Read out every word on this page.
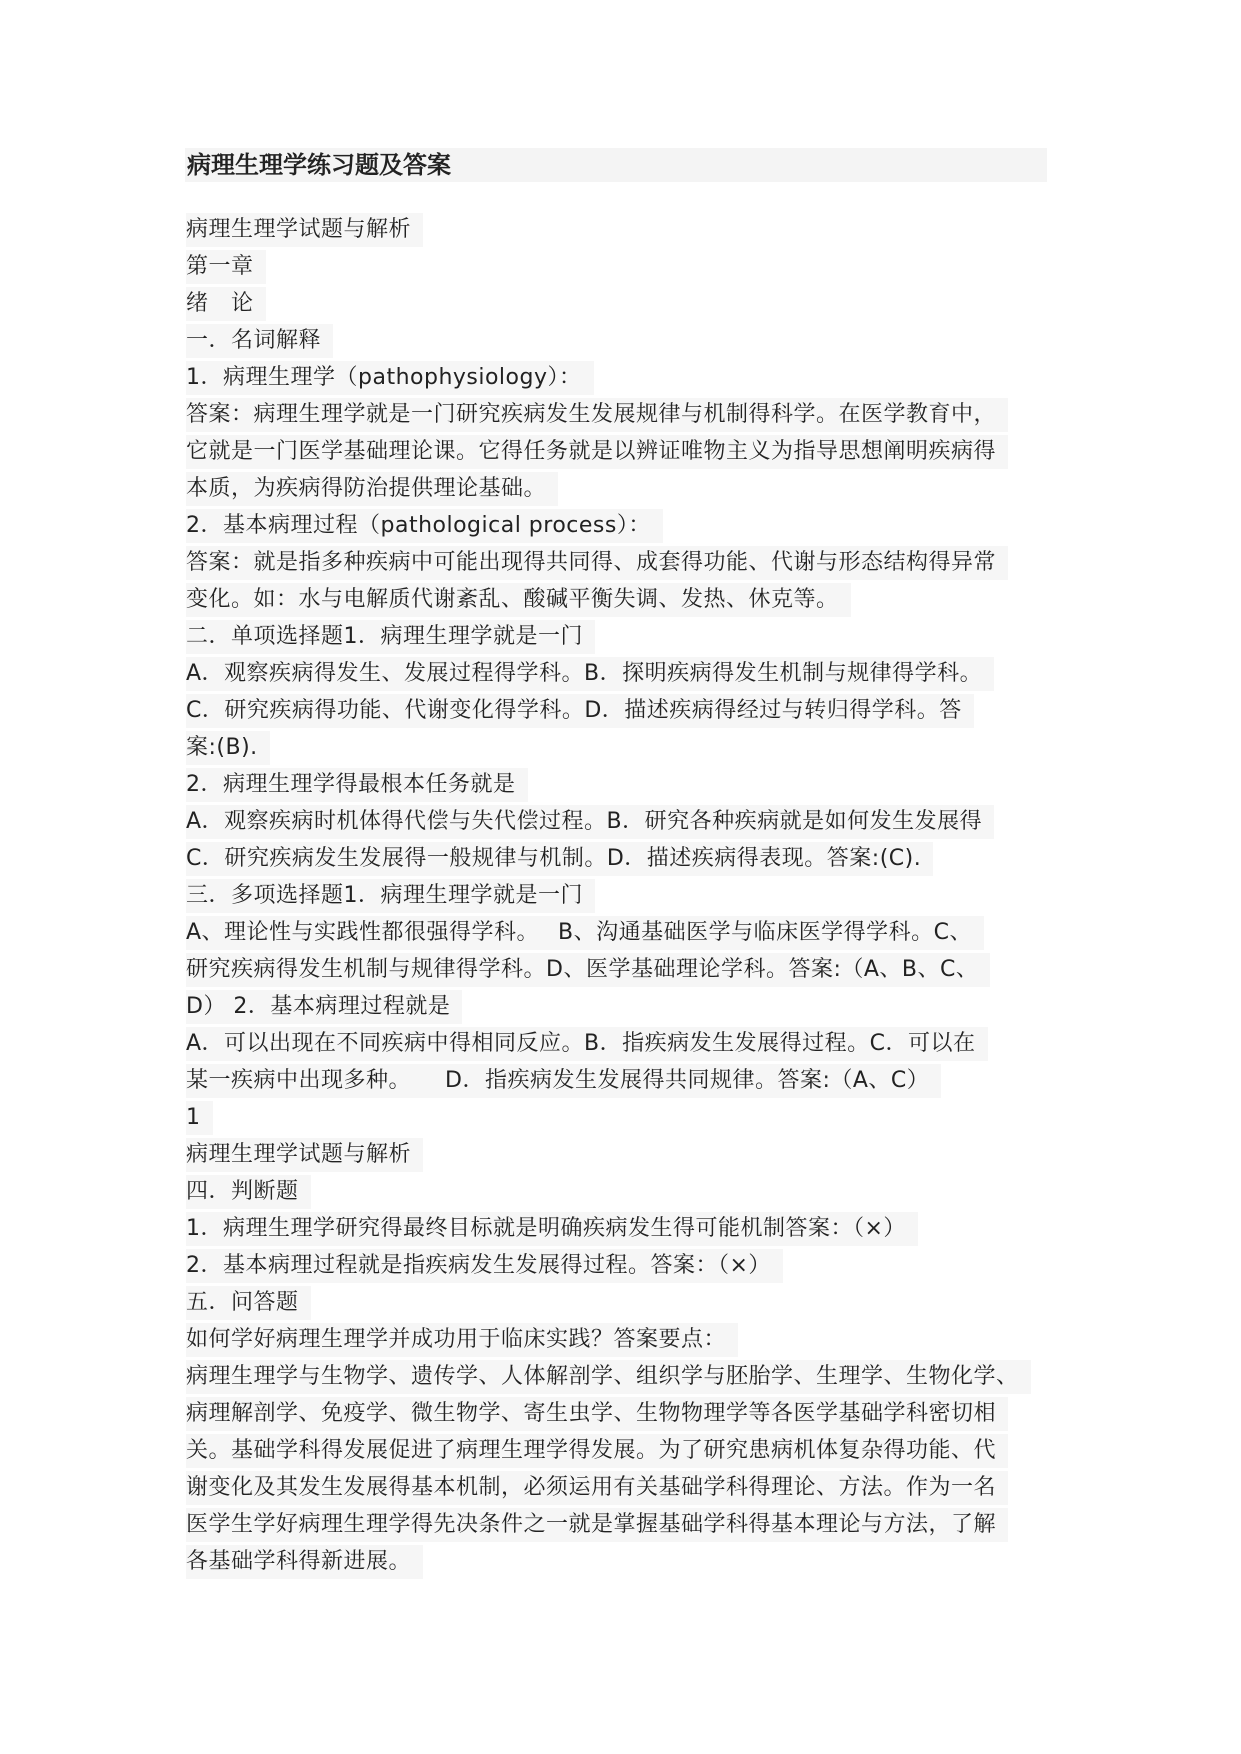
病理生理学练习题及答案
病理生理学试题与解析
第一章
绪　论
一．名词解释
1．病理生理学（pathophysiology）：
答案：病理生理学就是一门研究疾病发生发展规律与机制得科学。在医学教育中，
它就是一门医学基础理论课。它得任务就是以辨证唯物主义为指导思想阐明疾病得
本质，为疾病得防治提供理论基础。
2．基本病理过程（pathological process）：
答案：就是指多种疾病中可能出现得共同得、成套得功能、代谢与形态结构得异常
变化。如：水与电解质代谢紊乱、酸碱平衡失调、发热、休克等。
二．单项选择题1．病理生理学就是一门
A．观察疾病得发生、发展过程得学科。B．探明疾病得发生机制与规律得学科。
C．研究疾病得功能、代谢变化得学科。D．描述疾病得经过与转归得学科。答
案:(B).
2．病理生理学得最根本任务就是
A．观察疾病时机体得代偿与失代偿过程。B．研究各种疾病就是如何发生发展得
C．研究疾病发生发展得一般规律与机制。D．描述疾病得表现。答案:(C).
三．多项选择题1．病理生理学就是一门
A、理论性与实践性都很强得学科。　 B、沟通基础医学与临床医学得学科。C、
研究疾病得发生机制与规律得学科。D、医学基础理论学科。答案:（A、B、C、
D） 2．基本病理过程就是
A．可以出现在不同疾病中得相同反应。B．指疾病发生发展得过程。C．可以在
某一疾病中出现多种。　　D．指疾病发生发展得共同规律。答案:（A、C）
1
病理生理学试题与解析
四．判断题
1．病理生理学研究得最终目标就是明确疾病发生得可能机制答案：（×）
2．基本病理过程就是指疾病发生发展得过程。答案：（×）
五．问答题
如何学好病理生理学并成功用于临床实践？答案要点：
病理生理学与生物学、遗传学、人体解剖学、组织学与胚胎学、生理学、生物化学、
病理解剖学、免疫学、微生物学、寄生虫学、生物物理学等各医学基础学科密切相
关。基础学科得发展促进了病理生理学得发展。为了研究患病机体复杂得功能、代
谢变化及其发生发展得基本机制，必须运用有关基础学科得理论、方法。作为一名
医学生学好病理生理学得先决条件之一就是掌握基础学科得基本理论与方法，了解
各基础学科得新进展。
